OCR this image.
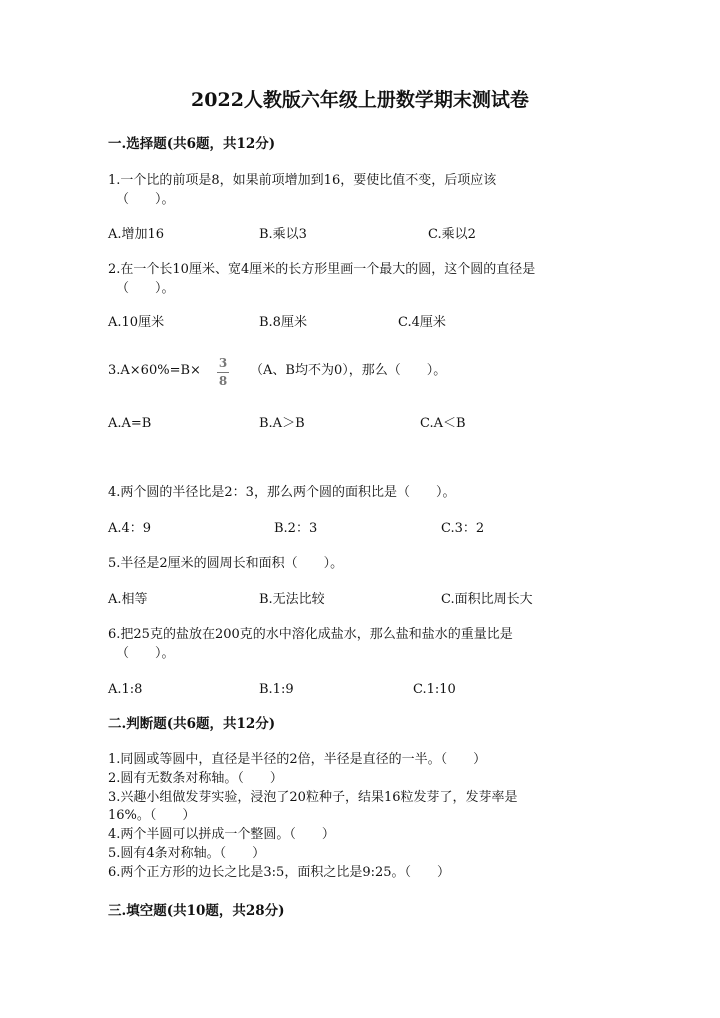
2022人教版六年级上册数学期末测试卷
一.选择题(共6题，共12分)
1.一个比的前项是8，如果前项增加到16，要使比值不变，后项应该
（　　）。
A.增加16	B.乘以3	C.乘以2
2.在一个长10厘米、宽4厘米的长方形里画一个最大的圆，这个圆的直径是
（　　）。
A.10厘米	B.8厘米	C.4厘米
3.A×60%=B× 3
8
（A、B均不为0），那么（　　）。
A.A=B	B.A＞B	C.A＜B
4.两个圆的半径比是2：3，那么两个圆的面积比是（　　）。
A.4：9	B.2：3	C.3：2
5.半径是2厘米的圆周长和面积（　　）。
A.相等	B.无法比较	C.面积比周长大
6.把25克的盐放在200克的水中溶化成盐水，那么盐和盐水的重量比是
（　　）。
A.1:8	B.1:9	C.1:10
二.判断题(共6题，共12分)
1.同圆或等圆中，直径是半径的2倍，半径是直径的一半。（　　）
2.圆有无数条对称轴。（　　）
3.兴趣小组做发芽实验，浸泡了20粒种子，结果16粒发芽了，发芽率是
16%。（　　）
4.两个半圆可以拼成一个整圆。（　　）
5.圆有4条对称轴。（　　）
6.两个正方形的边长之比是3:5，面积之比是9:25。（　　）
三.填空题(共10题，共28分)
